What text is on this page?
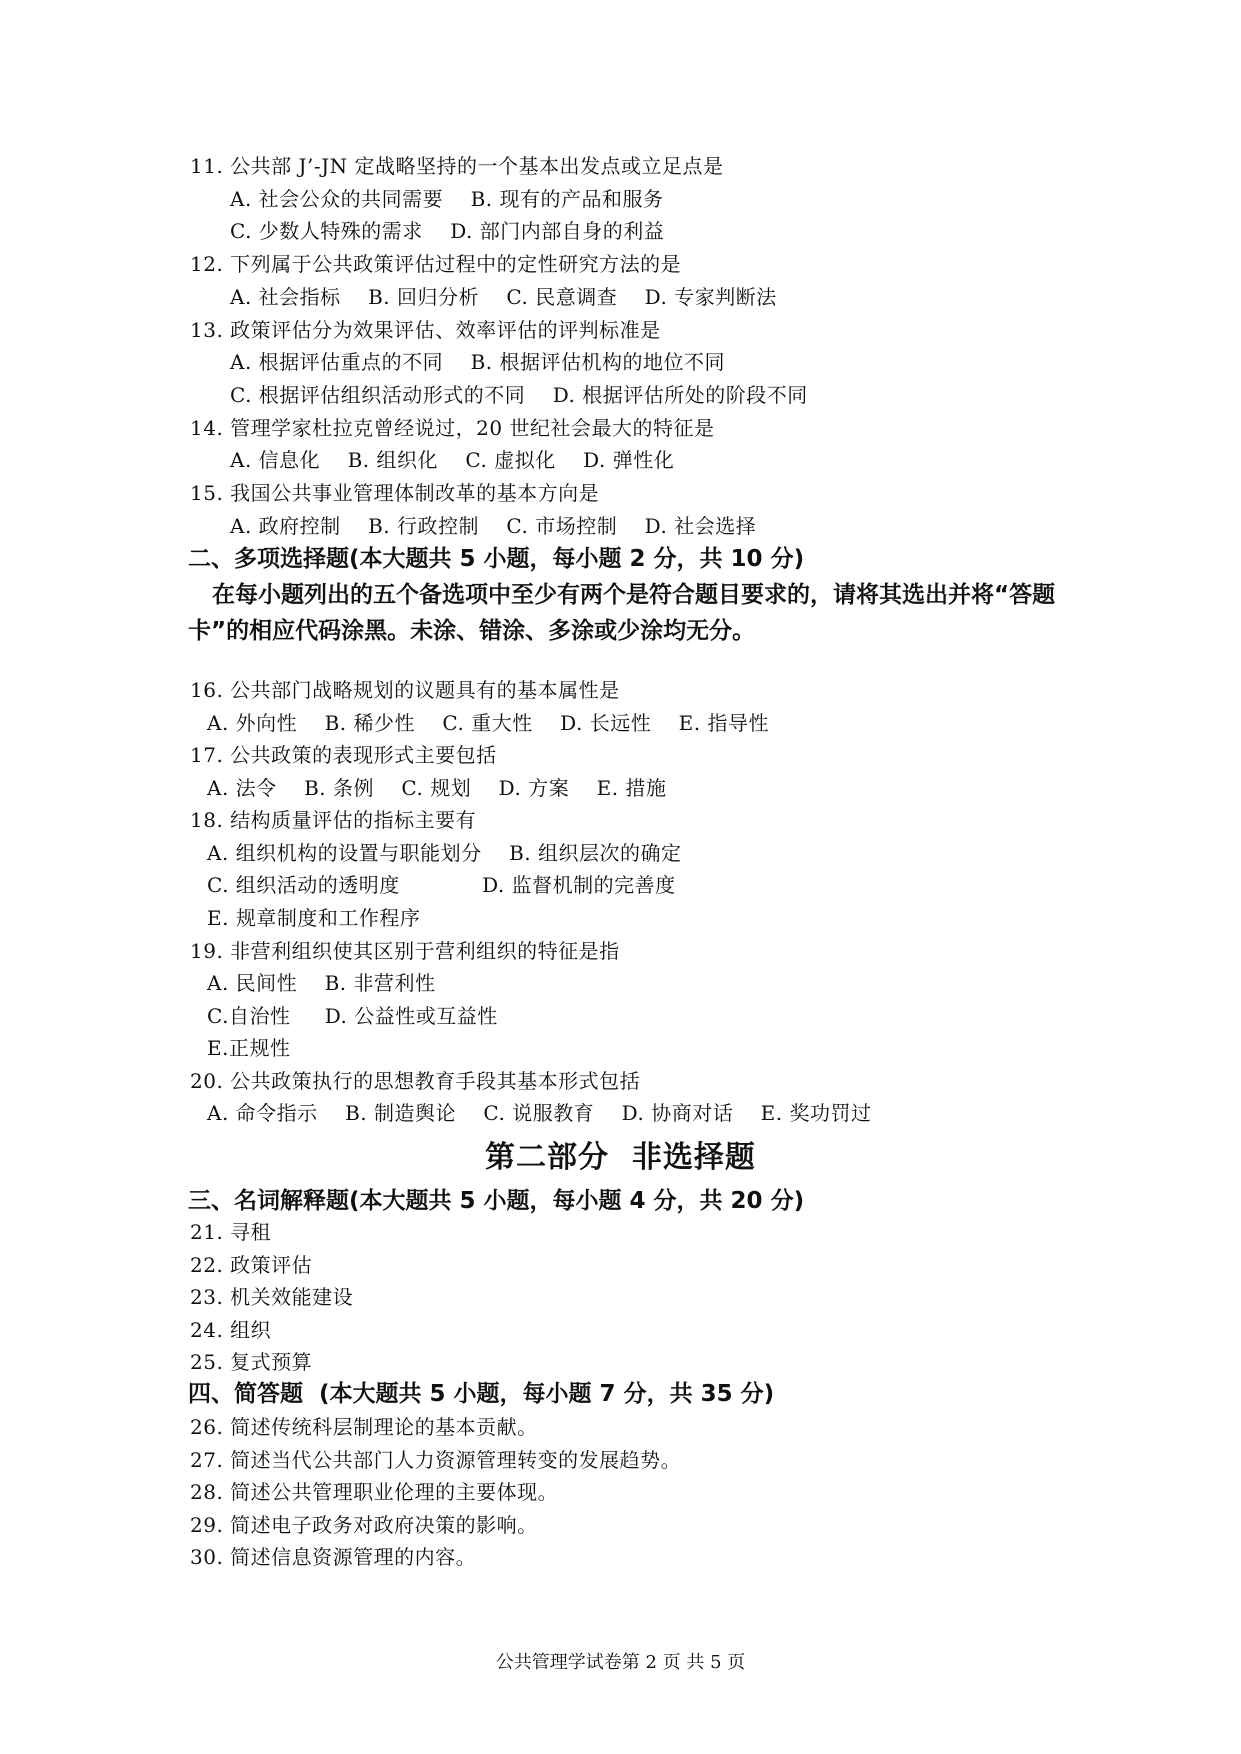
11. 公共部 J’-JN 定战略坚持的一个基本出发点或立足点是
A. 社会公众的共同需要    B. 现有的产品和服务
C. 少数人特殊的需求    D. 部门内部自身的利益
12. 下列属于公共政策评估过程中的定性研究方法的是
A. 社会指标    B. 回归分析    C. 民意调查    D. 专家判断法
13. 政策评估分为效果评估、效率评估的评判标准是
A. 根据评估重点的不同    B. 根据评估机构的地位不同
C. 根据评估组织活动形式的不同    D. 根据评估所处的阶段不同
14. 管理学家杜拉克曾经说过，20 世纪社会最大的特征是
A. 信息化    B. 组织化    C. 虚拟化    D. 弹性化
15. 我国公共事业管理体制改革的基本方向是
A. 政府控制    B. 行政控制    C. 市场控制    D. 社会选择
二、多项选择题(本大题共 5 小题，每小题 2 分，共 10 分)
在每小题列出的五个备选项中至少有两个是符合题目要求的，请将其选出并将“答题卡”的相应代码涂黑。未涂、错涂、多涂或少涂均无分。
16. 公共部门战略规划的议题具有的基本属性是
A. 外向性    B. 稀少性    C. 重大性    D. 长远性    E. 指导性
17. 公共政策的表现形式主要包括
A. 法令    B. 条例    C. 规划    D. 方案    E. 措施
18. 结构质量评估的指标主要有
A. 组织机构的设置与职能划分    B. 组织层次的确定
C. 组织活动的透明度            D. 监督机制的完善度
E. 规章制度和工作程序
19. 非营利组织使其区别于营利组织的特征是指
A. 民间性    B. 非营利性
C.自治性     D. 公益性或互益性
E.正规性
20. 公共政策执行的思想教育手段其基本形式包括
A. 命令指示    B. 制造舆论    C. 说服教育    D. 协商对话    E. 奖功罚过
第二部分  非选择题
三、名词解释题(本大题共 5 小题，每小题 4 分，共 20 分)
21. 寻租
22. 政策评估
23. 机关效能建设
24. 组织
25. 复式预算
四、简答题  (本大题共 5 小题，每小题 7 分，共 35 分)
26. 简述传统科层制理论的基本贡献。
27. 简述当代公共部门人力资源管理转变的发展趋势。
28. 简述公共管理职业伦理的主要体现。
29. 简述电子政务对政府决策的影响。
30. 简述信息资源管理的内容。
公共管理学试卷第 2 页 共 5 页
